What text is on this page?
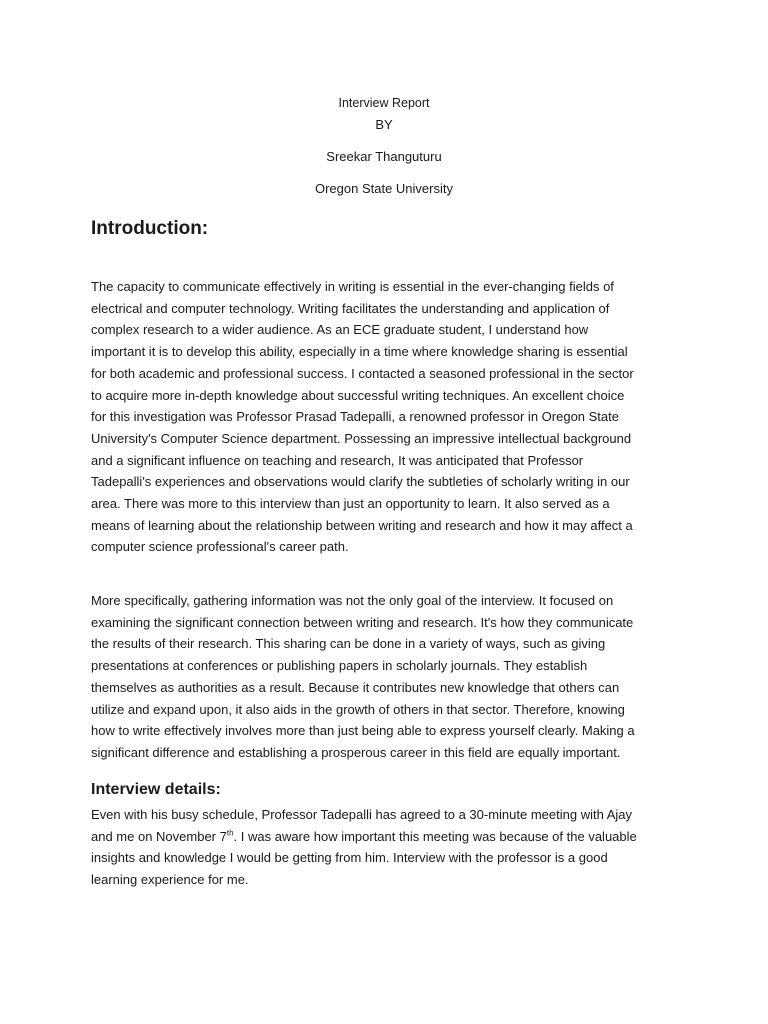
Interview Report
BY
Sreekar Thanguturu
Oregon State University
Introduction:

The capacity to communicate effectively in writing is essential in the ever-changing fields of
electrical and computer technology. Writing facilitates the understanding and application of
complex research to a wider audience. As an ECE graduate student, I understand how
important it is to develop this ability, especially in a time where knowledge sharing is essential
for both academic and professional success. I contacted a seasoned professional in the sector
to acquire more in-depth knowledge about successful writing techniques. An excellent choice
for this investigation was Professor Prasad Tadepalli, a renowned professor in Oregon State
University's Computer Science department. Possessing an impressive intellectual background
and a significant influence on teaching and research, It was anticipated that Professor
Tadepalli's experiences and observations would clarify the subtleties of scholarly writing in our
area. There was more to this interview than just an opportunity to learn. It also served as a
means of learning about the relationship between writing and research and how it may affect a
computer science professional's career path.

More specifically, gathering information was not the only goal of the interview. It focused on
examining the significant connection between writing and research. It's how they communicate
the results of their research. This sharing can be done in a variety of ways, such as giving
presentations at conferences or publishing papers in scholarly journals. They establish
themselves as authorities as a result. Because it contributes new knowledge that others can
utilize and expand upon, it also aids in the growth of others in that sector. Therefore, knowing
how to write effectively involves more than just being able to express yourself clearly. Making a
significant difference and establishing a prosperous career in this field are equally important.

Interview details:

Even with his busy schedule, Professor Tadepalli has agreed to a 30-minute meeting with Ajay
and me on November 7th. I was aware how important this meeting was because of the valuable
insights and knowledge I would be getting from him. Interview with the professor is a good
learning experience for me.
